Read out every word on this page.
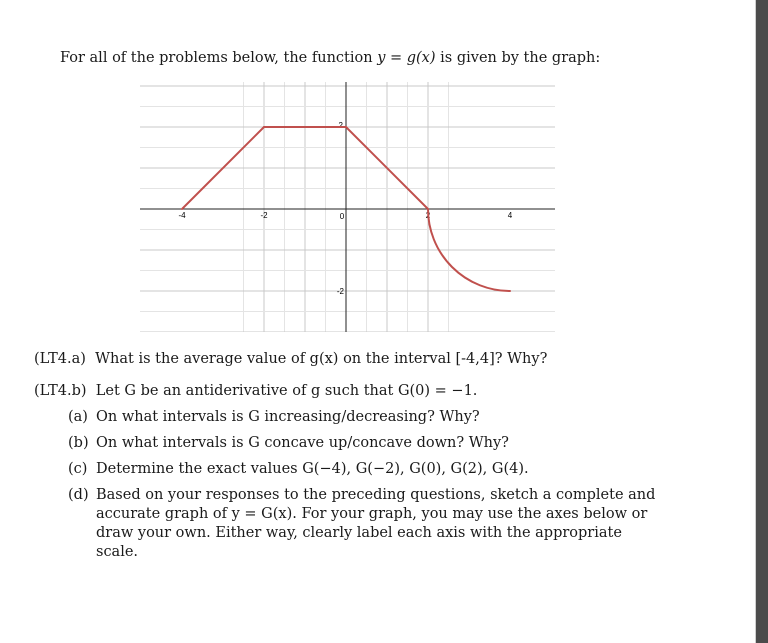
For all of the problems below, the function y = g(x) is given by the graph:
-4	-2	0	2	4
2
-2
(LT4.a) What is the average value of g(x) on the interval [-4,4]? Why?
(LT4.b) Let G be an antiderivative of g such that G(0) = −1.
(a) On what intervals is G increasing/decreasing? Why?
(b) On what intervals is G concave up/concave down? Why?
(c) Determine the exact values G(−4), G(−2), G(0), G(2), G(4).
(d) Based on your responses to the preceding questions, sketch a complete and accurate graph of y = G(x). For your graph, you may use the axes below or draw your own. Either way, clearly label each axis with the appropriate scale.
